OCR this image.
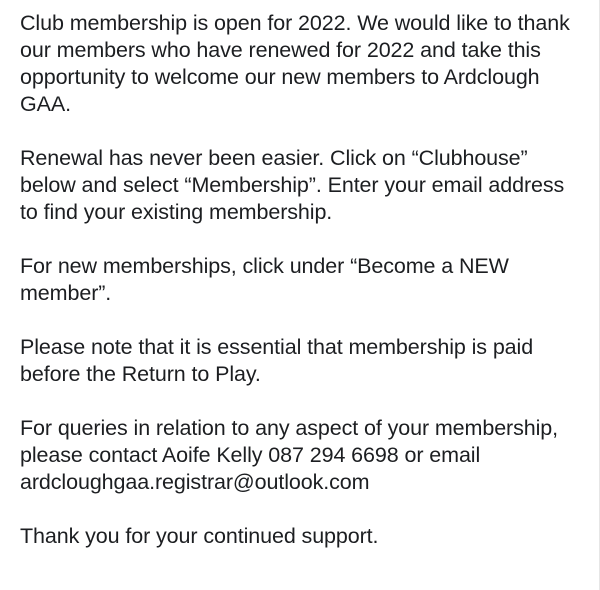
Club membership is open for 2022. We would like to thank our members who have renewed for 2022 and take this opportunity to welcome our new members to Ardclough GAA.

Renewal has never been easier. Click on “Clubhouse” below and select “Membership”. Enter your email address to find your existing membership.

For new memberships, click under “Become a NEW member”.

Please note that it is essential that membership is paid before the Return to Play.

For queries in relation to any aspect of your membership, please contact Aoife Kelly 087 294 6698 or email ardcloughgaa.registrar@outlook.com

Thank you for your continued support.
